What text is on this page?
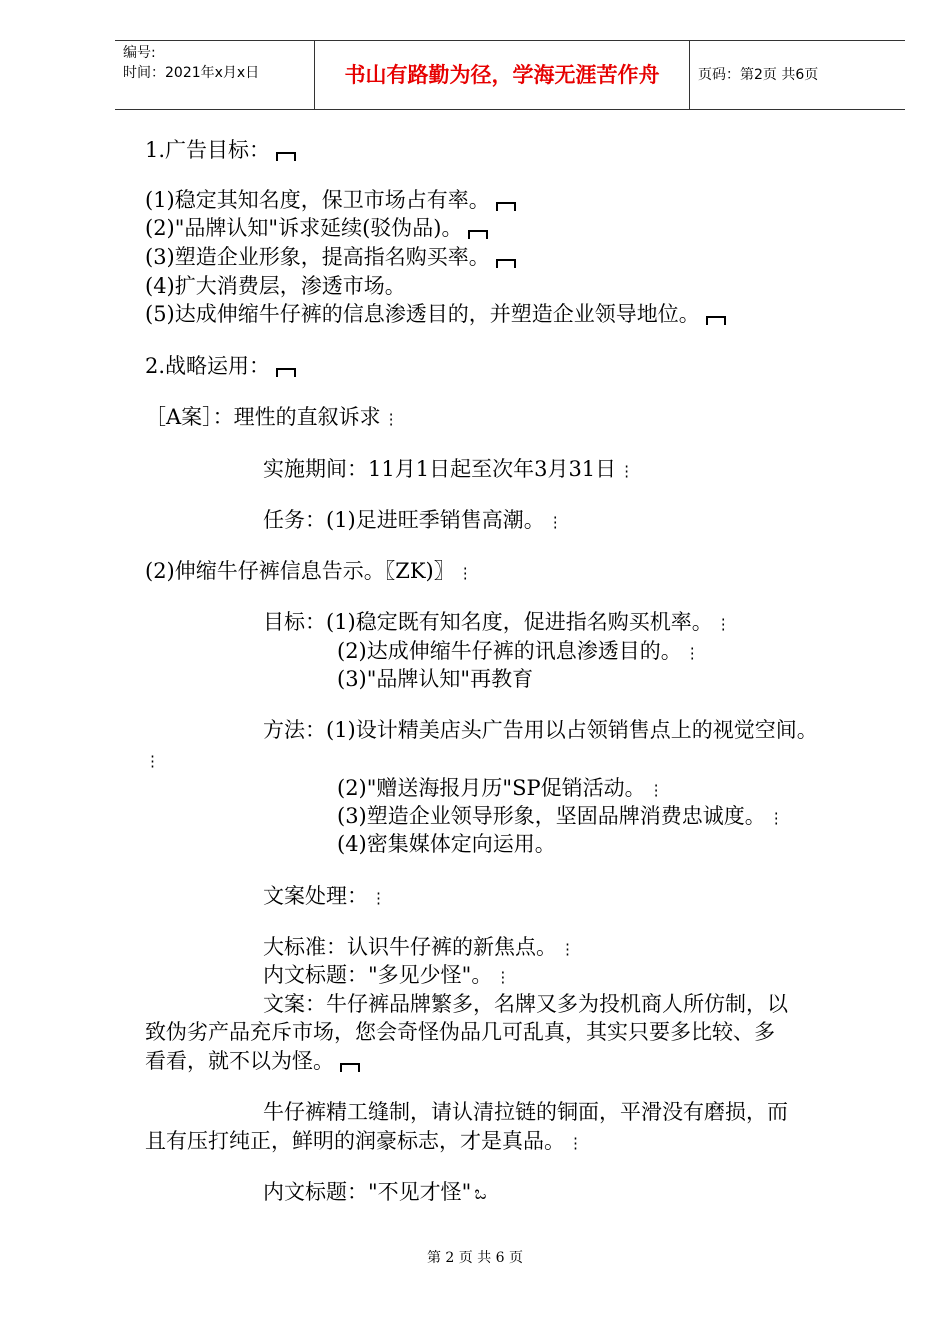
编号:
时间：2021年x月x日	书山有路勤为径，学海无涯苦作舟	页码：第2页 共6页
1.广告目标：
(1)稳定其知名度，保卫市场占有率。
(2)"品牌认知"诉求延续(驳伪品)。
(3)塑造企业形象，提高指名购买率。
(4)扩大消费层，渗透市场。
(5)达成伸缩牛仔裤的信息渗透目的，并塑造企业领导地位。
2.战略运用：
［A案］：理性的直叙诉求 ⋮
实施期间：11月1日起至次年3月31日 ⋮
任务：(1)足进旺季销售高潮。 ⋮
(2)伸缩牛仔裤信息告示。〖ZK)〗 ⋮
目标：(1)稳定既有知名度，促进指名购买机率。 ⋮
(2)达成伸缩牛仔裤的讯息渗透目的。 ⋮
(3)"品牌认知"再教育
方法：(1)设计精美店头广告用以占领销售点上的视觉空间。
⋮
(2)"赠送海报月历"SP促销活动。 ⋮
(3)塑造企业领导形象，坚固品牌消费忠诚度。 ⋮
(4)密集媒体定向运用。
文案处理： ⋮
大标准：认识牛仔裤的新焦点。 ⋮
内文标题："多见少怪"。 ⋮
文案：牛仔裤品牌繁多，名牌又多为投机商人所仿制，以
致伪劣产品充斥市场，您会奇怪伪品几可乱真，其实只要多比较、多
看看，就不以为怪。
牛仔裤精工缝制，请认清拉链的铜面，平滑没有磨损，而
且有压打纯正，鲜明的润豪标志，才是真品。 ⋮
内文标题："不见才怪" ಒ
第 2 页 共 6 页
